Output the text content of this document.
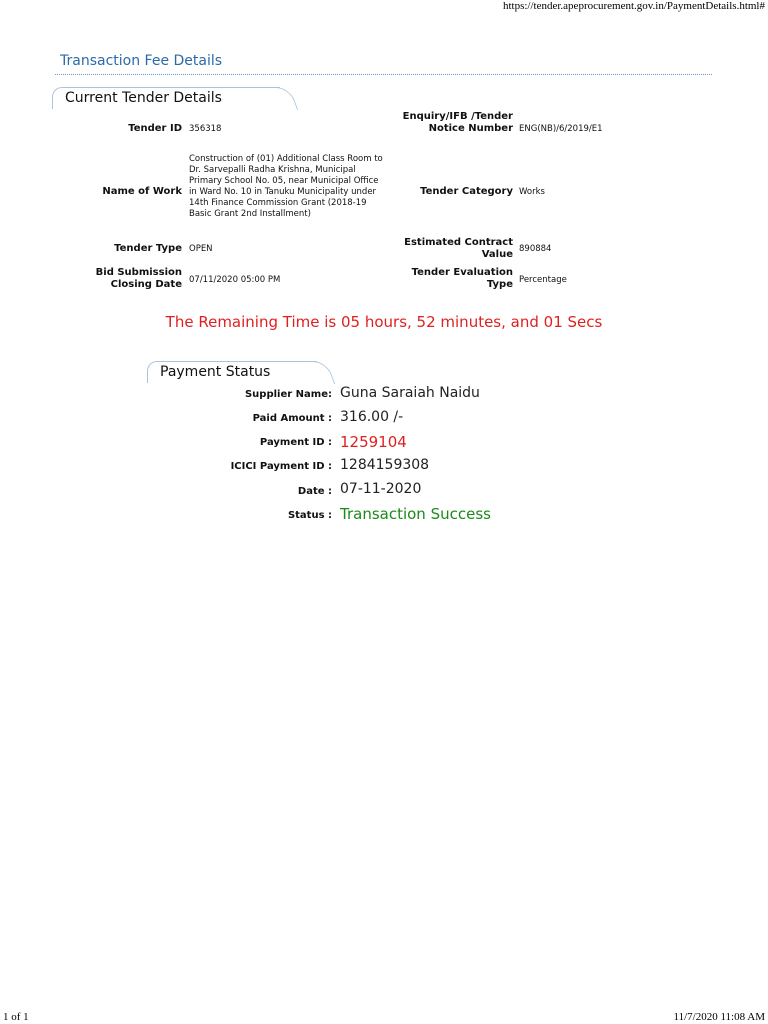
https://tender.apeprocurement.gov.in/PaymentDetails.html#
Transaction Fee Details
Current Tender Details
Tender ID 356318
Enquiry/IFB /Tender Notice Number ENG(NB)/6/2019/E1
Name of Work
Construction of (01) Additional Class Room to Dr. Sarvepalli Radha Krishna, Municipal Primary School No. 05, near Municipal Office in Ward No. 10 in Tanuku Municipality under 14th Finance Commission Grant (2018-19 Basic Grant 2nd Installment)
Tender Category Works
Tender Type OPEN
Estimated Contract Value 890884
Bid Submission Closing Date 07/11/2020 05:00 PM
Tender Evaluation Type Percentage
The Remaining Time is 05 hours, 52 minutes, and 01 Secs
Payment Status
Supplier Name: Guna Saraiah Naidu
Paid Amount : 316.00 /-
Payment ID : 1259104
ICICI Payment ID : 1284159308
Date : 07-11-2020
Status : Transaction Success
1 of 1	11/7/2020 11:08 AM
